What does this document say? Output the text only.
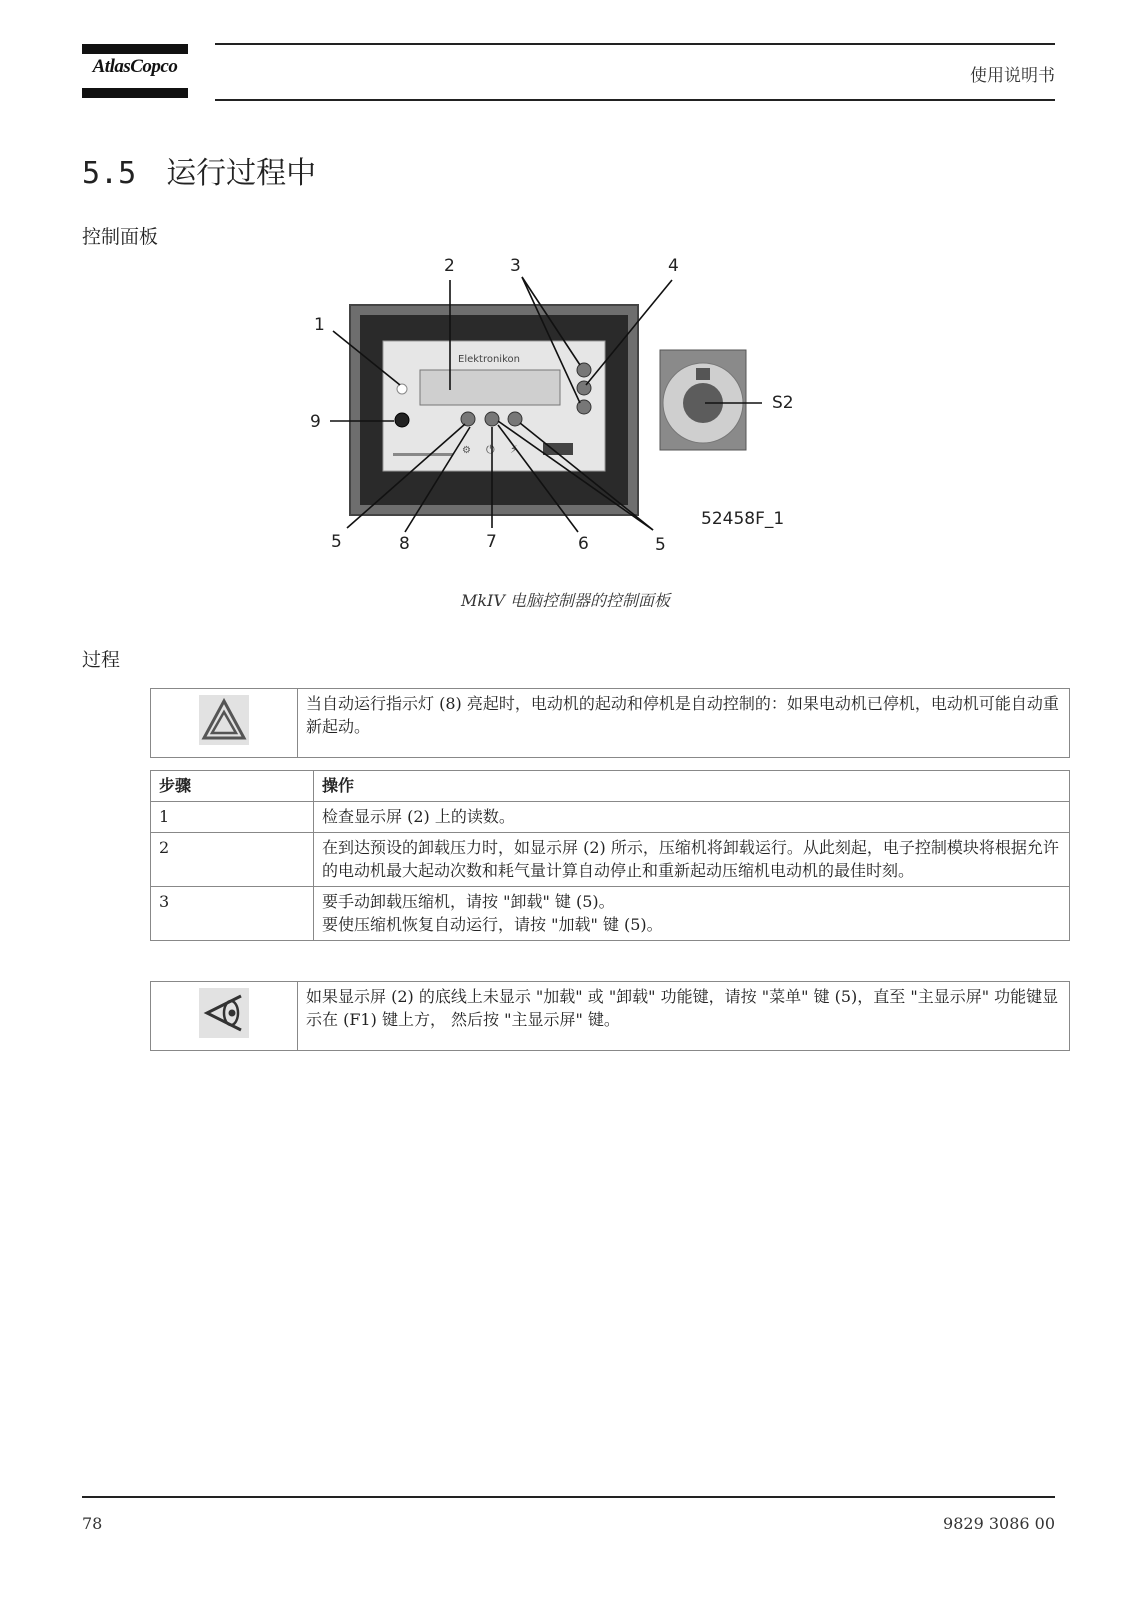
AtlasCopco	使用说明书
5.5 运行过程中
控制面板
Elektronikon
⚙ ⏻ ⚡
1
2	3	4
9
5	8	7	6	5
S2
52458F_1
MkIV 电脑控制器的控制面板
过程
	当自动运行指示灯 (8) 亮起时，电动机的起动和停机是自动控制的：如果电动机已停机，电动机可能自动重新起动。
步骤	操作
1	检查显示屏 (2) 上的读数。
2	在到达预设的卸载压力时，如显示屏 (2) 所示，压缩机将卸载运行。从此刻起，电子控制模块将根据允许的电动机最大起动次数和耗气量计算自动停止和重新起动压缩机电动机的最佳时刻。
3	要手动卸载压缩机，请按 "卸载" 键 (5)。
要使压缩机恢复自动运行，请按 "加载" 键 (5)。
	如果显示屏 (2) 的底线上未显示 "加载" 或 "卸载" 功能键，请按 "菜单" 键 (5)，直至 "主显示屏" 功能键显示在 (F1) 键上方， 然后按 "主显示屏" 键。
78	9829 3086 00
